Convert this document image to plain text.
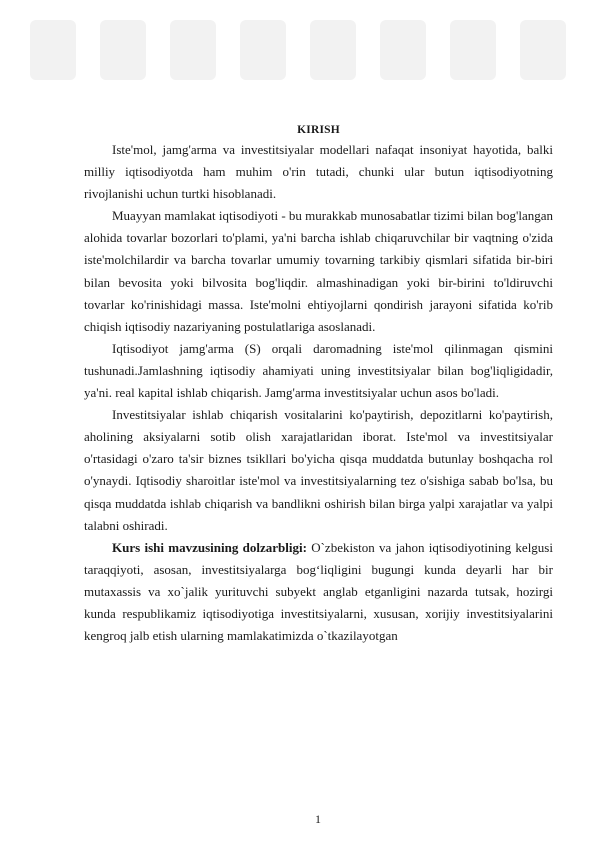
KIRISH

Iste'mol, jamg'arma va investitsiyalar modellari nafaqat insoniyat hayotida, balki milliy iqtisodiyotda ham muhim o'rin tutadi, chunki ular butun iqtisodiyotning rivojlanishi uchun turtki hisoblanadi.

Muayyan mamlakat iqtisodiyoti - bu murakkab munosabatlar tizimi bilan bog'langan alohida tovarlar bozorlari to'plami, ya'ni barcha ishlab chiqaruvchilar bir vaqtning o'zida iste'molchilardir va barcha tovarlar umumiy tovarning tarkibiy qismlari sifatida bir-biri bilan bevosita yoki bilvosita bog'liqdir. almashinadigan yoki bir-birini to'ldiruvchi tovarlar ko'rinishidagi massa. Iste'molni ehtiyojlarni qondirish jarayoni sifatida ko'rib chiqish iqtisodiy nazariyaning postulatlariga asoslanadi.

Iqtisodiyot jamg'arma (S) orqali daromadning iste'mol qilinmagan qismini tushunadi.Jamlashning iqtisodiy ahamiyati uning investitsiyalar bilan bog'liqligidadir, ya'ni. real kapital ishlab chiqarish. Jamg'arma investitsiyalar uchun asos bo'ladi.

Investitsiyalar ishlab chiqarish vositalarini ko'paytirish, depozitlarni ko'paytirish, aholining aksiyalarni sotib olish xarajatlaridan iborat. Iste'mol va investitsiyalar o'rtasidagi o'zaro ta'sir biznes tsikllari bo'yicha qisqa muddatda butunlay boshqacha rol o'ynaydi. Iqtisodiy sharoitlar iste'mol va investitsiyalarning tez o'sishiga sabab bo'lsa, bu qisqa muddatda ishlab chiqarish va bandlikni oshirish bilan birga yalpi xarajatlar va yalpi talabni oshiradi.

Kurs ishi mavzusining dolzarbligi: O`zbekiston va jahon iqtisodiyotining kelgusi taraqqiyoti, asosan, investitsiyalarga bog‘liqligini bugungi kunda deyarli har bir mutaxassis va xo`jalik yurituvchi subyekt anglab etganligini nazarda tutsak, hozirgi kunda respublikamiz iqtisodiyotiga investitsiyalarni, xususan, xorijiy investitsiyalarini kengroq jalb etish ularning mamlakatimizda o`tkazilayotgan

1
